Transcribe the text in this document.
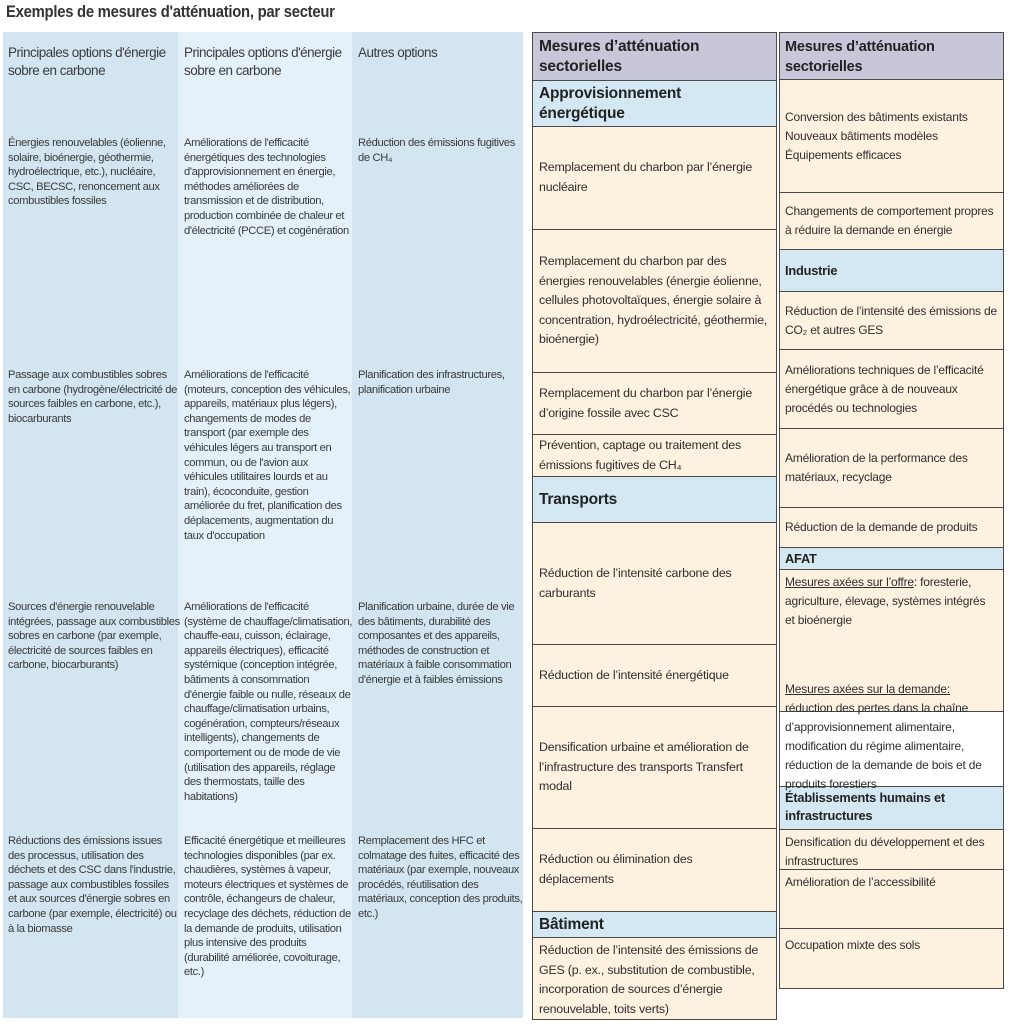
Exemples de mesures d'atténuation, par secteur
Principales options d'énergie sobre en carbone
Principales options d'énergie sobre en carbone
Autres options
Énergies renouvelables (éolienne, solaire, bioénergie, géothermie, hydroélectrique, etc.), nucléaire, CSC, BECSC, renoncement aux combustibles fossiles
Améliorations de l'efficacité énergétiques des technologies d'approvisionnement en énergie, méthodes améliorées de transmission et de distribution, production combinée de chaleur et d'électricité (PCCE) et cogénération
Réduction des émissions fugitives de CH₄
Passage aux combustibles sobres en carbone (hydrogène/électricité de sources faibles en carbone, etc.), biocarburants
Améliorations de l'efficacité (moteurs, conception des véhicules, appareils, matériaux plus légers), changements de modes de transport (par exemple des véhicules légers au transport en commun, ou de l'avion aux véhicules utilitaires lourds et au train), écoconduite, gestion améliorée du fret, planification des déplacements, augmentation du taux d'occupation
Planification des infrastructures, planification urbaine
Sources d'énergie renouvelable intégrées, passage aux combustibles sobres en carbone (par exemple, électricité de sources faibles en carbone, biocarburants)
Améliorations de l'efficacité (système de chauffage/climatisation, chauffe-eau, cuisson, éclairage, appareils électriques), efficacité systémique (conception intégrée, bâtiments à consommation d'énergie faible ou nulle, réseaux de chauffage/climatisation urbains, cogénération, compteurs/réseaux intelligents), changements de comportement ou de mode de vie (utilisation des appareils, réglage des thermostats, taille des habitations)
Planification urbaine, durée de vie des bâtiments, durabilité des composantes et des appareils, méthodes de construction et matériaux à faible consommation d'énergie et à faibles émissions
Réductions des émissions issues des processus, utilisation des déchets et des CSC dans l'industrie, passage aux combustibles fossiles et aux sources d'énergie sobres en carbone (par exemple, électricité) ou à la biomasse
Efficacité énergétique et meilleures technologies disponibles (par ex. chaudières, systèmes à vapeur, moteurs électriques et systèmes de contrôle, échangeurs de chaleur, recyclage des déchets, réduction de la demande de produits, utilisation plus intensive des produits (durabilité améliorée, covoiturage, etc.)
Remplacement des HFC et colmatage des fuites, efficacité des matériaux (par exemple, nouveaux procédés, réutilisation des matériaux, conception des produits, etc.)
Mesures d’atténuation sectorielles
Approvisionnement énergétique
Remplacement du charbon par l’énergie nucléaire
Remplacement du charbon par des énergies renouvelables (énergie éolienne, cellules photovoltaïques, énergie solaire à concentration, hydroélectricité, géothermie, bioénergie)
Remplacement du charbon par l’énergie d’origine fossile avec CSC
Prévention, captage ou traitement des émissions fugitives de CH₄
Transports
Réduction de l’intensité carbone des carburants
Réduction de l’intensité énergétique
Densification urbaine et amélioration de l’infrastructure des transports Transfert modal
Réduction ou élimination des déplacements
Bâtiment
Réduction de l’intensité des émissions de GES (p. ex., substitution de combustible, incorporation de sources d’énergie renouvelable, toits verts)
Mesures d’atténuation sectorielles
Conversion des bâtiments existants
Nouveaux bâtiments modèles
Équipements efficaces
Changements de comportement propres à réduire la demande en énergie
Industrie
Réduction de l’intensité des émissions de CO₂ et autres GES
Améliorations techniques de l’efficacité énergétique grâce à de nouveaux procédés ou technologies
Amélioration de la performance des matériaux, recyclage
Réduction de la demande de produits
AFAT
Mesures axées sur l’offre: foresterie, agriculture, élevage, systèmes intégrés et bioénergie
Mesures axées sur la demande:
réduction des pertes dans la chaîne d’approvisionnement alimentaire, modification du régime alimentaire, réduction de la demande de bois et de produits forestiers
Établissements humains et infrastructures
Densification du développement et des infrastructures
Amélioration de l’accessibilité
Occupation mixte des sols
